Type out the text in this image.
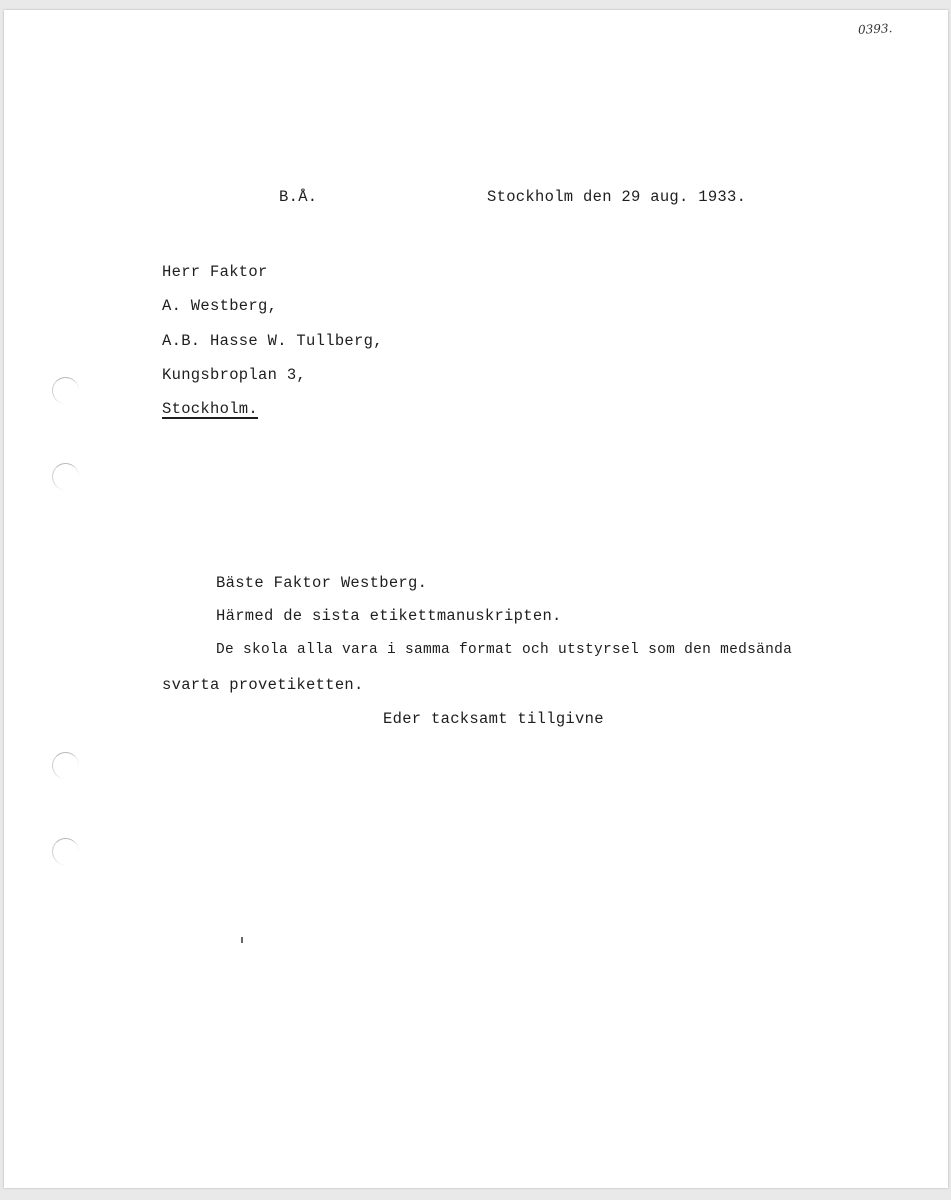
0393.
B.Å.	Stockholm den 29 aug. 1933.
Herr Faktor
A. Westberg,
A.B. Hasse W. Tullberg,
Kungsbroplan 3,
Stockholm.
Bäste Faktor Westberg.
Härmed de sista etikettmanuskripten.
De skola alla vara i samma format och utstyrsel som den medsända
svarta provetiketten.
Eder tacksamt tillgivne
